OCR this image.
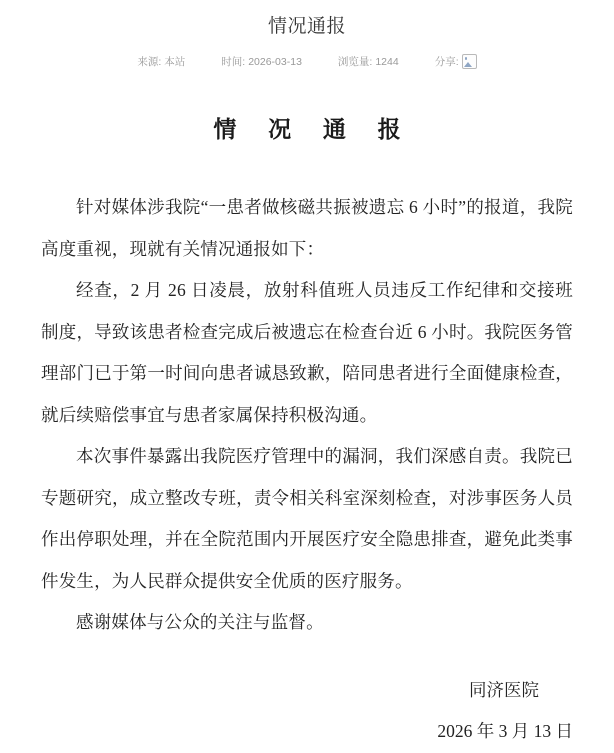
情况通报
来源: 本站	时间: 2026-03-13	浏览量: 1244	分享:
情 况 通 报

针对媒体涉我院“一患者做核磁共振被遗忘 6 小时”的报道，我院高度重视，现就有关情况通报如下：

经查，2 月 26 日凌晨，放射科值班人员违反工作纪律和交接班制度，导致该患者检查完成后被遗忘在检查台近 6 小时。我院医务管理部门已于第一时间向患者诚恳致歉，陪同患者进行全面健康检查，就后续赔偿事宜与患者家属保持积极沟通。

本次事件暴露出我院医疗管理中的漏洞，我们深感自责。我院已专题研究，成立整改专班，责令相关科室深刻检查，对涉事医务人员作出停职处理，并在全院范围内开展医疗安全隐患排查，避免此类事件发生，为人民群众提供安全优质的医疗服务。

感谢媒体与公众的关注与监督。

同济医院
2026 年 3 月 13 日
